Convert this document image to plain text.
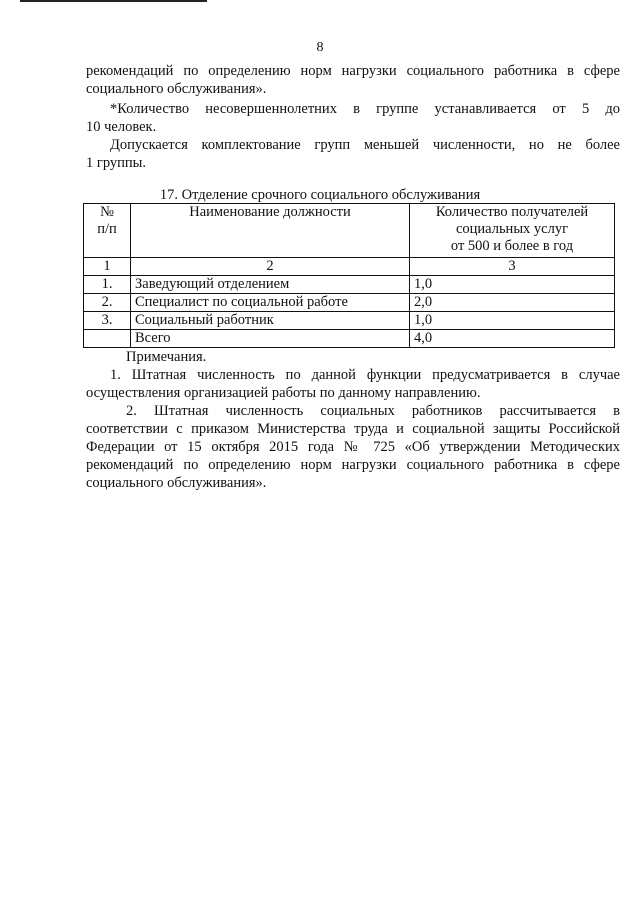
8
рекомендаций по определению норм нагрузки социального работника в сфере
социального обслуживания».
*Количество несовершеннолетних в группе устанавливается от 5 до
10 человек.
Допускается комплектование групп меньшей численности, но не более
1 группы.
17. Отделение срочного социального обслуживания
№
п/п	Наименование должности	Количество получателей
социальных услуг
от 500 и более в год

1	2	3
1.	Заведующий отделением	1,0
2.	Специалист по социальной работе	2,0
3.	Социальный работник	1,0
	Всего	4,0
Примечания.
1. Штатная численность по данной функции предусматривается в случае
осуществления организацией работы по данному направлению.
2. Штатная численность социальных работников рассчитывается в
соответствии с приказом Министерства труда и социальной защиты Российской
Федерации от 15 октября 2015 года № 725 «Об утверждении Методических
рекомендаций по определению норм нагрузки социального работника в сфере
социального обслуживания».
